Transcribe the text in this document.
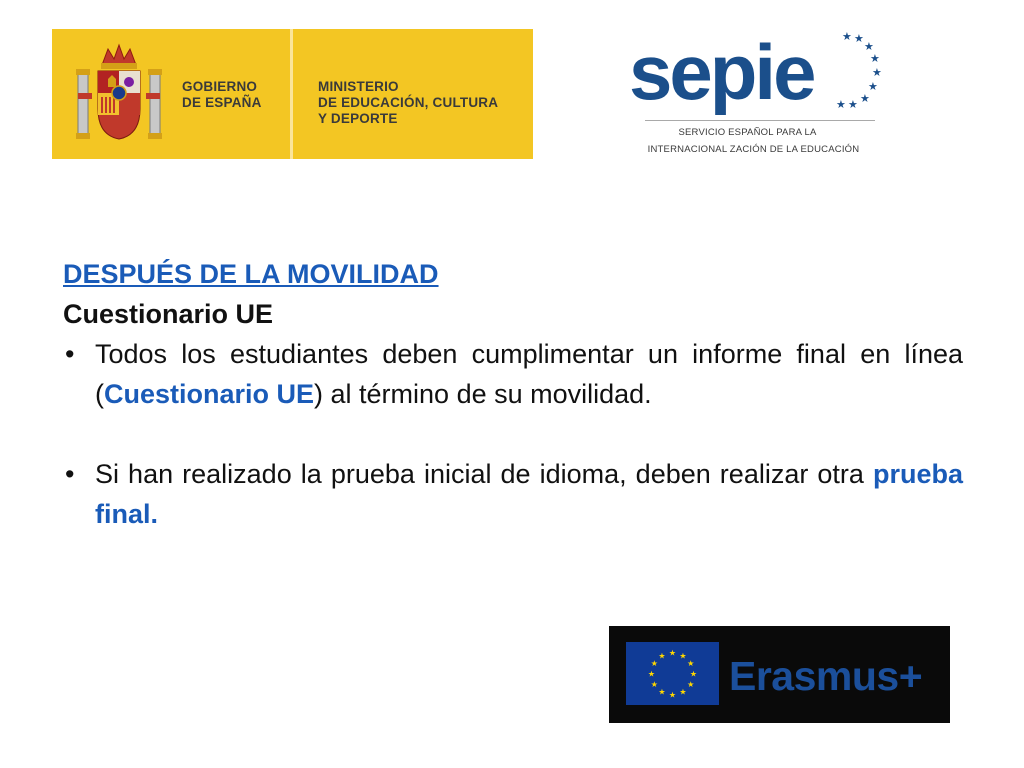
GOBIERNO
DE ESPAÑA
MINISTERIO
DE EDUCACIÓN, CULTURA
Y DEPORTE
sepie	★ ★
★
★
★
★
★
★
★
SERVICIO ESPAÑOL PARA LA
INTERNACIONAL ZACIÓN DE LA EDUCACIÓN
DESPUÉS DE LA MOVILIDAD
Cuestionario UE
• Todos los estudiantes deben cumplimentar un informe final en línea (Cuestionario UE) al término de su movilidad.
• Si han realizado la prueba inicial de idioma, deben realizar otra prueba final.
★ ★
★
★
★
★
★
★
★
★
★
★ Erasmus+
